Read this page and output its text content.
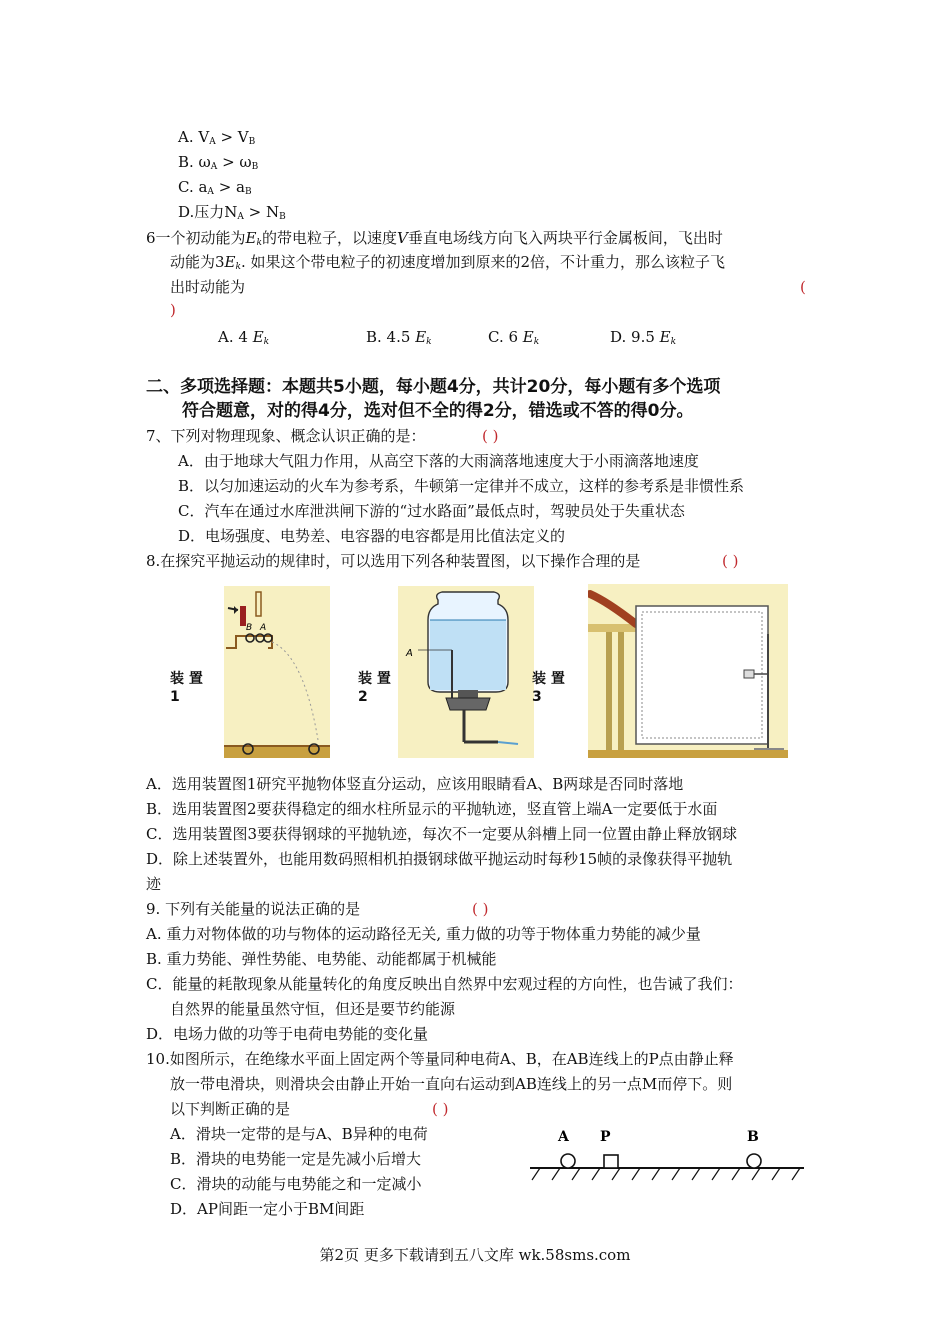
A. $V_A > V_B$
B. $\omega_A > \omega_B$
C. $a_A > a_B$
D.压力$N_A > N_B$
6一个初动能为$E_k$的带电粒子，以速度V垂直电场线方向飞入两块平行金属板间，飞出时
动能为$3E_k$. 如果这个带电粒子的初速度增加到原来的2倍，不计重力，那么该粒子飞
出时动能为	(
)
A. 4 $E_k$	B. 4.5 $E_k$	C. 6 $E_k$	D. 9.5 $E_k$
二、多项选择题：本题共5小题，每小题4分，共计20分，每小题有多个选项
符合题意，对的得4分，选对但不全的得2分，错选或不答的得0分。
7、下列对物理现象、概念认识正确的是：	( )
A．由于地球大气阻力作用，从高空下落的大雨滴落地速度大于小雨滴落地速度
B．以匀加速运动的火车为参考系，牛顿第一定律并不成立，这样的参考系是非惯性系
C．汽车在通过水库泄洪闸下游的“过水路面”最低点时，驾驶员处于失重状态
D．电场强度、电势差、电容器的电容都是用比值法定义的
8.在探究平抛运动的规律时，可以选用下列各种装置图，以下操作合理的是	( )
装 置
1
B A
装 置
2
A
装 置
3
A．选用装置图1研究平抛物体竖直分运动，应该用眼睛看A、B两球是否同时落地
B．选用装置图2要获得稳定的细水柱所显示的平抛轨迹，竖直管上端A一定要低于水面
C．选用装置图3要获得钢球的平抛轨迹，每次不一定要从斜槽上同一位置由静止释放钢球
D．除上述装置外，也能用数码照相机拍摄钢球做平抛运动时每秒15帧的录像获得平抛轨
迹
9. 下列有关能量的说法正确的是	( )
A. 重力对物体做的功与物体的运动路径无关, 重力做的功等于物体重力势能的减少量
B. 重力势能、弹性势能、电势能、动能都属于机械能
C．能量的耗散现象从能量转化的角度反映出自然界中宏观过程的方向性，也告诫了我们：
自然界的能量虽然守恒，但还是要节约能源
D．电场力做的功等于电荷电势能的变化量
10.如图所示，在绝缘水平面上固定两个等量同种电荷A、B，在AB连线上的P点由静止释
放一带电滑块，则滑块会由静止开始一直向右运动到AB连线上的另一点M而停下。则
以下判断正确的是	( )
A．滑块一定带的是与A、B异种的电荷
B．滑块的电势能一定是先减小后增大
C．滑块的动能与电势能之和一定减小
D．AP间距一定小于BM间距
A P	B
第2页 更多下载请到五八文库 wk.58sms.com
